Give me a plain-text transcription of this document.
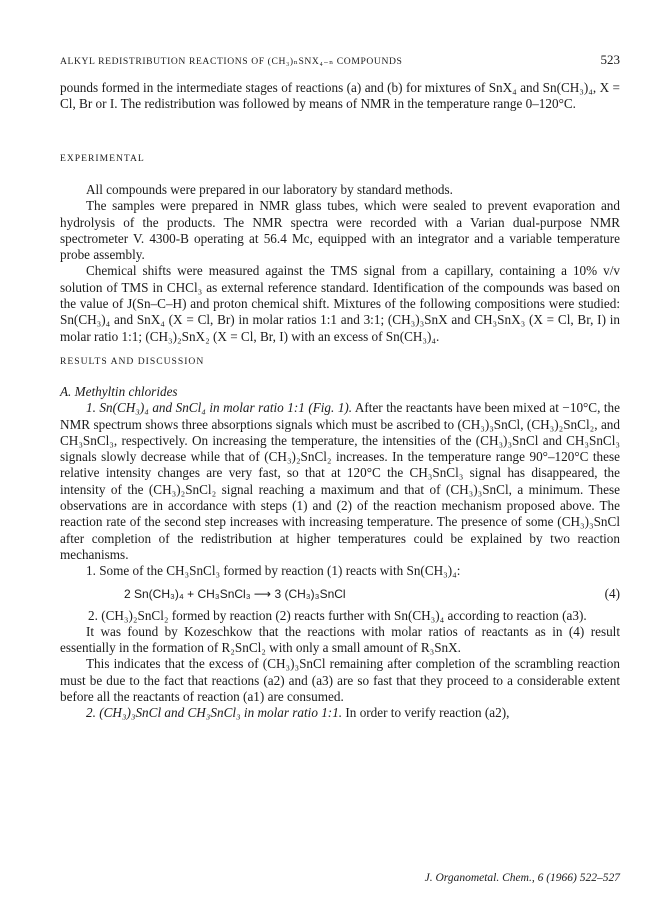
ALKYL REDISTRIBUTION REACTIONS OF (CH₃)ₙSNX₄₋ₙ COMPOUNDS	523

pounds formed in the intermediate stages of reactions (a) and (b) for mixtures of SnX₄ and Sn(CH₃)₄, X = Cl, Br or I. The redistribution was followed by means of NMR in the temperature range 0–120°C.

EXPERIMENTAL

All compounds were prepared in our laboratory by standard methods.

The samples were prepared in NMR glass tubes, which were sealed to prevent evaporation and hydrolysis of the products. The NMR spectra were recorded with a Varian dual-purpose NMR spectrometer V. 4300-B operating at 56.4 Mc, equipped with an integrator and a variable temperature probe assembly.

Chemical shifts were measured against the TMS signal from a capillary, containing a 10% v/v solution of TMS in CHCl₃ as external reference standard. Identification of the compounds was based on the value of J(Sn–C–H) and proton chemical shift. Mixtures of the following compositions were studied: Sn(CH₃)₄ and SnX₄ (X = Cl, Br) in molar ratios 1:1 and 3:1; (CH₃)₃SnX and CH₃SnX₃ (X = Cl, Br, I) in molar ratio 1:1; (CH₃)₂SnX₂ (X = Cl, Br, I) with an excess of Sn(CH₃)₄.

RESULTS AND DISCUSSION

A. Methyltin chlorides

1. Sn(CH₃)₄ and SnCl₄ in molar ratio 1:1 (Fig. 1). After the reactants have been mixed at −10°C, the NMR spectrum shows three absorptions signals which must be ascribed to (CH₃)₃SnCl, (CH₃)₂SnCl₂, and CH₃SnCl₃, respectively. On increasing the temperature, the intensities of the (CH₃)₃SnCl and CH₃SnCl₃ signals slowly decrease while that of (CH₃)₂SnCl₂ increases. In the temperature range 90°–120°C these relative intensity changes are very fast, so that at 120°C the CH₃SnCl₃ signal has disappeared, the intensity of the (CH₃)₂SnCl₂ signal reaching a maximum and that of (CH₃)₃SnCl, a minimum. These observations are in accordance with steps (1) and (2) of the reaction mechanism proposed above. The reaction rate of the second step increases with increasing temperature. The presence of some (CH₃)₃SnCl after completion of the redistribution at higher temperatures could be explained by two reaction mechanisms.

1. Some of the CH₃SnCl₃ formed by reaction (1) reacts with Sn(CH₃)₄:

2 Sn(CH₃)₄ + CH₃SnCl₃ ⟶ 3 (CH₃)₃SnCl	(4)

2. (CH₃)₂SnCl₂ formed by reaction (2) reacts further with Sn(CH₃)₄ according to reaction (a3).

It was found by Kozeschkow that the reactions with molar ratios of reactants as in (4) result essentially in the formation of R₂SnCl₂ with only a small amount of R₃SnX.

This indicates that the excess of (CH₃)₃SnCl remaining after completion of the scrambling reaction must be due to the fact that reactions (a2) and (a3) are so fast that they proceed to a considerable extent before all the reactants of reaction (a1) are consumed.

2. (CH₃)₃SnCl and CH₃SnCl₃ in molar ratio 1:1. In order to verify reaction (a2),

J. Organometal. Chem., 6 (1966) 522–527
